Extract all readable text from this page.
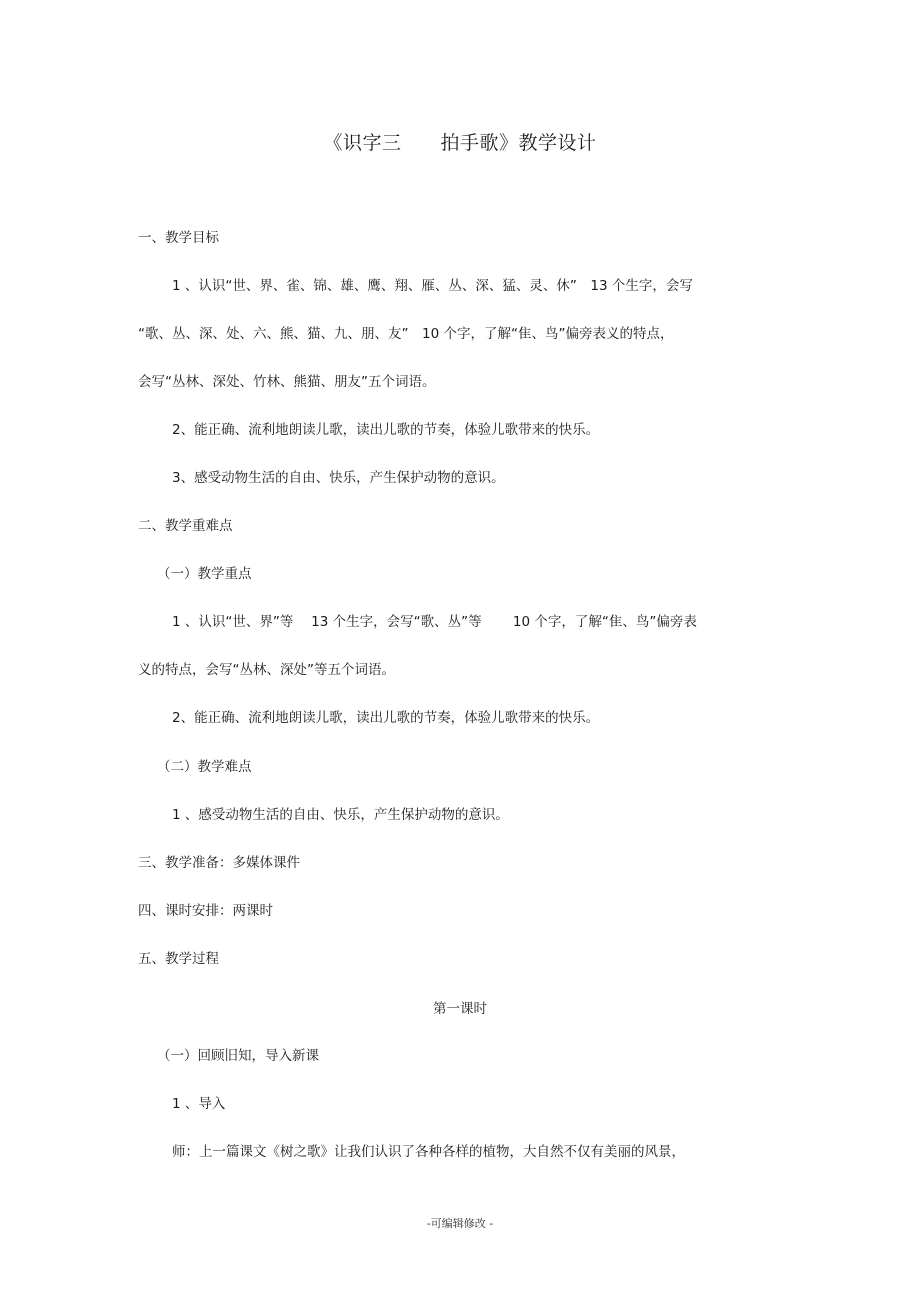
《识字三　　拍手歌》教学设计
一、教学目标
1 、认识“世、界、雀、锦、雄、鹰、翔、雁、丛、深、猛、灵、休”　13 个生字，会写
“歌、丛、深、处、六、熊、猫、九、朋、友”　10 个字，了解“隹、鸟”偏旁表义的特点，
会写“丛林、深处、竹林、熊猫、朋友”五个词语。
2、能正确、流利地朗读儿歌，读出儿歌的节奏，体验儿歌带来的快乐。
3、感受动物生活的自由、快乐，产生保护动物的意识。
二、教学重难点
（一）教学重点
1 、认识“世、界”等　 13 个生字，会写“歌、丛”等　　 10 个字，了解“隹、鸟”偏旁表
义的特点，会写“丛林、深处”等五个词语。
2、能正确、流利地朗读儿歌，读出儿歌的节奏，体验儿歌带来的快乐。
（二）教学难点
1 、感受动物生活的自由、快乐，产生保护动物的意识。
三、教学准备：多媒体课件
四、课时安排：两课时
五、教学过程
第一课时
（一）回顾旧知，导入新课
1 、导入
师：上一篇课文《树之歌》让我们认识了各种各样的植物，大自然不仅有美丽的风景，
-可编辑修改 -
